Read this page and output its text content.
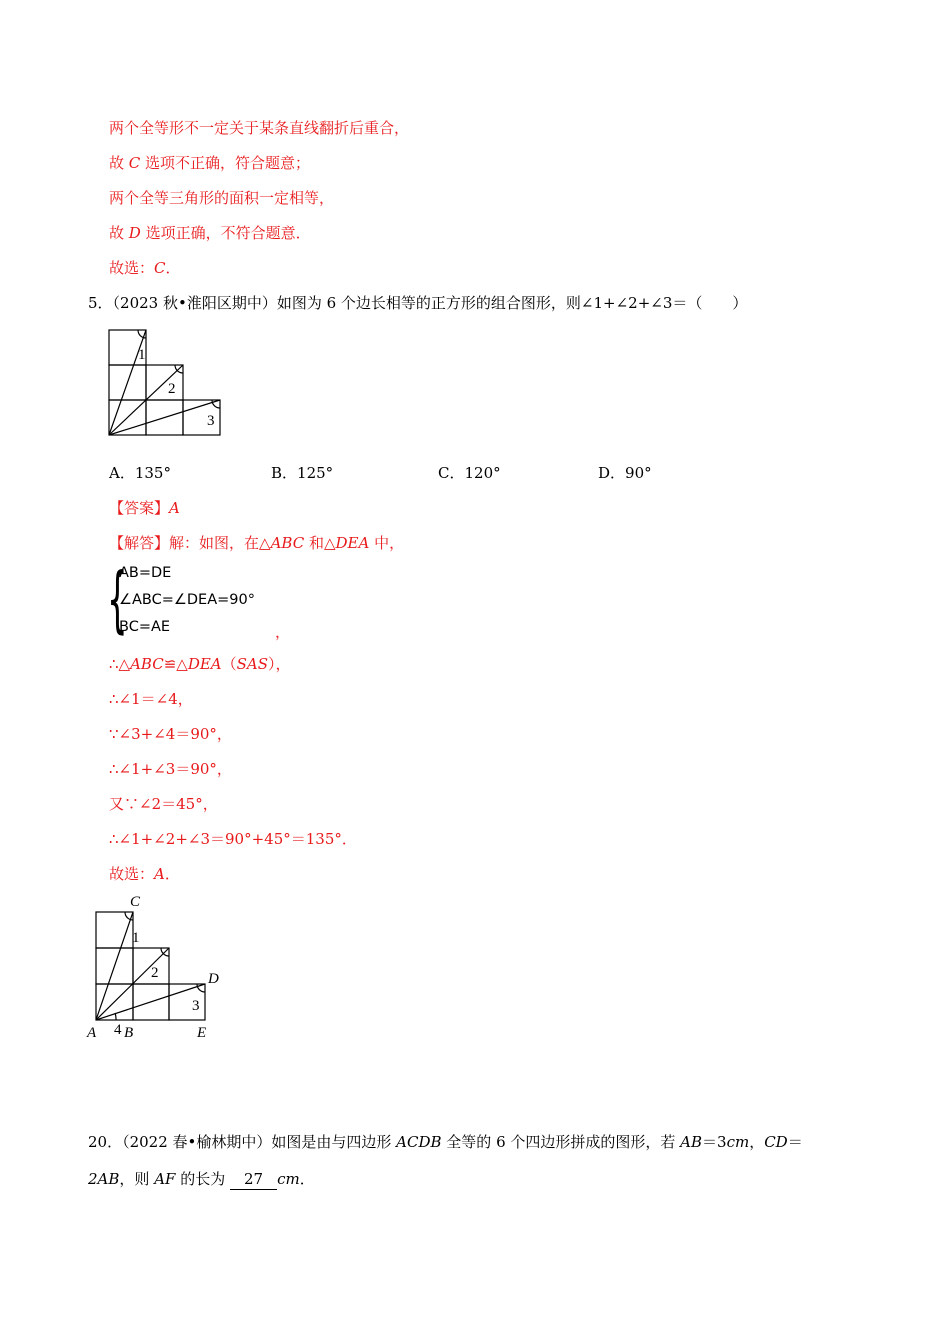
两个全等形不一定关于某条直线翻折后重合，
故 C 选项不正确，符合题意；
两个全等三角形的面积一定相等，
故 D 选项正确，不符合题意．
故选：C．
5．（2023 秋•淮阳区期中）如图为 6 个边长相等的正方形的组合图形，则∠1+∠2+∠3＝（　　）
1
2
3
A．135°	B．125°	C．120°	D．90°
【答案】A
【解答】解：如图，在△ABC 和△DEA 中，
{
AB=DE
∠ABC=∠DEA=90°
BC=AE	，
∴△ABC≌△DEA（SAS），
∴∠1＝∠4，
∵∠3+∠4＝90°，
∴∠1+∠3＝90°，
又∵∠2＝45°，
∴∠1+∠2+∠3＝90°+45°＝135°．
故选：A．
C
1
2	D
3
A 4 B	E
20．（2022 春•榆林期中）如图是由与四边形 ACDB 全等的 6 个四边形拼成的图形，若 AB＝3cm，CD＝
2AB，则 AF 的长为 27 cm．
